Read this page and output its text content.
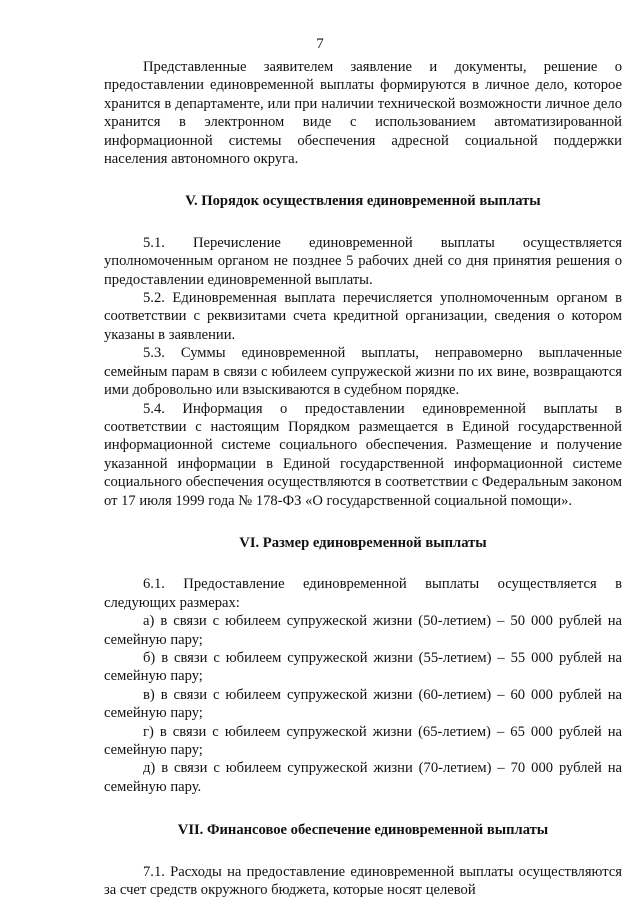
7

Представленные заявителем заявление и документы, решение о предоставлении единовременной выплаты формируются в личное дело, которое хранится в департаменте, или при наличии технической возможности личное дело хранится в электронном виде с использованием автоматизированной информационной системы обеспечения адресной социальной поддержки населения автономного округа.

V. Порядок осуществления единовременной выплаты

5.1. Перечисление единовременной выплаты осуществляется уполномоченным органом не позднее 5 рабочих дней со дня принятия решения о предоставлении единовременной выплаты.

5.2. Единовременная выплата перечисляется уполномоченным органом в соответствии с реквизитами счета кредитной организации, сведения о котором указаны в заявлении.

5.3. Суммы единовременной выплаты, неправомерно выплаченные семейным парам в связи с юбилеем супружеской жизни по их вине, возвращаются ими добровольно или взыскиваются в судебном порядке.

5.4. Информация о предоставлении единовременной выплаты в соответствии с настоящим Порядком размещается в Единой государственной информационной системе социального обеспечения. Размещение и получение указанной информации в Единой государственной информационной системе социального обеспечения осуществляются в соответствии с Федеральным законом от 17 июля 1999 года № 178-ФЗ «О государственной социальной помощи».

VI. Размер единовременной выплаты

6.1. Предоставление единовременной выплаты осуществляется в следующих размерах:

а) в связи с юбилеем супружеской жизни (50-летием) – 50 000 рублей на семейную пару;

б) в связи с юбилеем супружеской жизни (55-летием) – 55 000 рублей на семейную пару;

в) в связи с юбилеем супружеской жизни (60-летием) – 60 000 рублей на семейную пару;

г) в связи с юбилеем супружеской жизни (65-летием) – 65 000 рублей на семейную пару;

д) в связи с юбилеем супружеской жизни (70-летием) – 70 000 рублей на семейную пару.

VII. Финансовое обеспечение единовременной выплаты

7.1. Расходы на предоставление единовременной выплаты осуществляются за счет средств окружного бюджета, которые носят целевой
